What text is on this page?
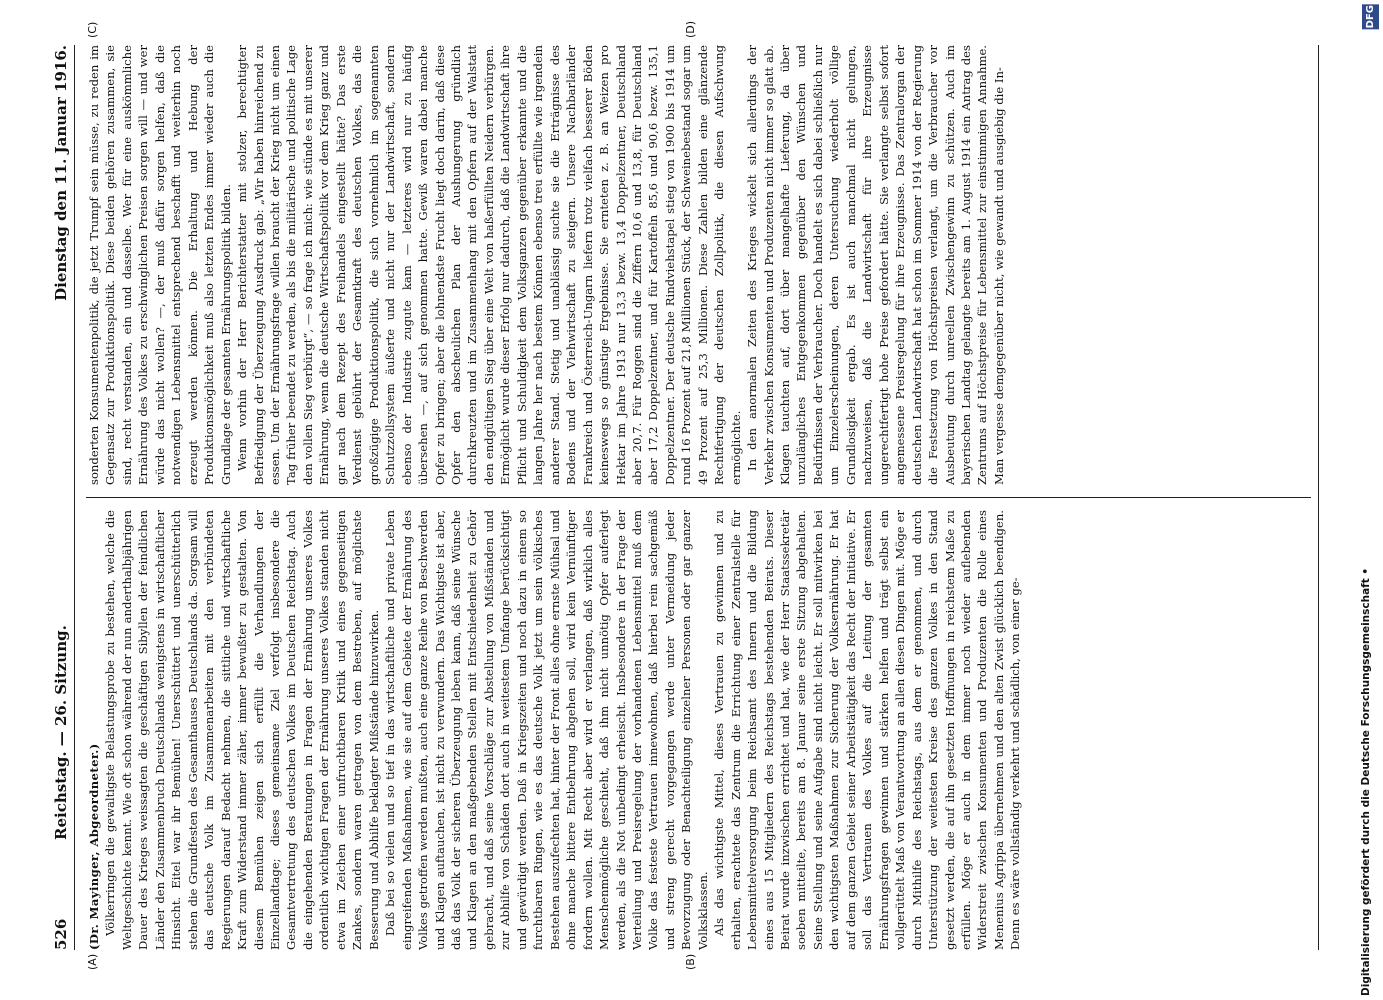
526
Reichstag. — 26. Sitzung.
Dienstag den 11. Januar 1916.
(A)	(B)
(C)	(D)

(Dr. Mayinger, Abgeordneter.) Völkerringen die gewaltigste Belastungsprobe zu bestehen, welche die Weltgeschichte kennt. Wie oft schon während der nun anderthalbjährigen Dauer des Krieges weissagten die geschäftigen Sibyllen der feindlichen Länder den Zusammenbruch Deutschlands wenigstens in wirtschaftlicher Hinsicht. Eitel war ihr Bemühen! Unerschüttert und unerschütterlich stehen die Grundfesten des Gesamthauses Deutschlands da. Sorgsam will das deutsche Volk im Zusammenarbeiten mit den verbündeten Regierungen darauf Bedacht nehmen, die sittliche und wirtschaftliche Kraft zum Widerstand immer zäher, immer bewußter zu gestalten. Von diesem Bemühen zeigen sich erfüllt die Verhandlungen der Einzellandtage; dieses gemeinsame Ziel verfolgt insbesondere die Gesamtvertretung des deutschen Volkes im Deutschen Reichstag. Auch die eingehenden Beratungen in Fragen der Ernährung unseres Volkes ordentlich wichtigen Fragen der Ernährung unseres Volkes standen nicht etwa im Zeichen einer unfruchtbaren Kritik und eines gegenseitigen Zankes, sondern waren getragen von dem Bestreben, auf möglichste Besserung und Abhilfe beklagter Mißstände hinzuwirken. Daß bei so vielen und so tief in das wirtschaftliche und private Leben eingreifenden Maßnahmen, wie sie auf dem Gebiete der Ernährung des Volkes getroffen werden mußten, auch eine ganze Reihe von Beschwerden und Klagen auftauchen, ist nicht zu verwundern. Das Wichtigste ist aber, daß das Volk der sicheren Überzeugung leben kann, daß seine Wünsche und Klagen an den maßgebenden Stellen mit Entschiedenheit zu Gehör gebracht, und daß seine Vorschläge zur Abstellung von Mißständen und zur Abhilfe von Schäden dort auch in weitestem Umfange berücksichtigt und gewürdigt werden. Daß in Kriegszeiten und noch dazu in einem so furchtbaren Ringen, wie es das deutsche Volk jetzt um sein völkisches Bestehen auszufechten hat, hinter der Front alles ohne ernste Mühsal und ohne manche bittere Entbehrung abgehen soll, wird kein Vernünftiger fordern wollen. Mit Recht aber wird er verlangen, daß wirklich alles Menschenmögliche geschieht, daß ihm nicht unnötig Opfer auferlegt werden, als die Not unbedingt erheischt. Insbesondere in der Frage der Verteilung und Preisregelung der vorhandenen Lebensmittel muß dem Volke das festeste Vertrauen innewohnen, daß hierbei rein sachgemäß und streng gerecht vorgegangen werde unter Vermeidung jeder Bevorzugung oder Benachteiligung einzelner Personen oder gar ganzer Volksklassen. Als das wichtigste Mittel, dieses Vertrauen zu gewinnen und zu erhalten, erachtete das Zentrum die Errichtung einer Zentralstelle für Lebensmittelversorgung beim Reichsamt des Innern und die Bildung eines aus 15 Mitgliedern des Reichstags bestehenden Beirats. Dieser Beirat wurde inzwischen errichtet und hat, wie der Herr Staatssekretär soeben mitteilte, bereits am 8. Januar seine erste Sitzung abgehalten. Seine Stellung und seine Aufgabe sind nicht leicht. Er soll mitwirken bei den wichtigsten Maßnahmen zur Sicherung der Volksernährung. Er hat auf dem ganzen Gebiet seiner Arbeitstätigkeit das Recht der Initiative. Er soll das Vertrauen des Volkes auf die Leitung der gesamten Ernährungsfragen gewinnen und stärken helfen und trägt selbst ein vollgerüttelt Maß von Verantwortung an allen diesen Dingen mit. Möge er durch Mithilfe des Reichstags, aus dem er genommen, und durch Unterstützung der weitesten Kreise des ganzen Volkes in den Stand gesetzt werden, die auf ihn gesetzten Hoffnungen in reichstem Maße zu erfüllen. Möge er auch in dem immer noch wieder auflebenden Widerstreit zwischen Konsumenten und Produzenten die Rolle eines Menenius Agrippa übernehmen und den alten Zwist glücklich beendigen. Denn es wäre vollständig verkehrt und schädlich, von einer ge-

sonderten Konsumentenpolitik, die jetzt Trumpf sein müsse, zu reden im Gegensatz zur Produktionspolitik. Diese beiden gehören zusammen, sie sind, recht verstanden, ein und dasselbe. Wer für eine auskömmliche Ernährung des Volkes zu erschwinglichen Preisen sorgen will — und wer würde das nicht wollen? —, der muß dafür sorgen helfen, daß die notwendigen Lebensmittel entsprechend beschafft und weiterhin noch erzeugt werden können. Die Erhaltung und Hebung der Produktionsmöglichkeit muß also letzten Endes immer wieder auch die Grundlage der gesamten Ernährungspolitik bilden. Wenn vorhin der Herr Berichterstatter mit stolzer, berechtigter Befriedigung der Überzeugung Ausdruck gab: „Wir haben hinreichend zu essen. Um der Ernährungsfrage willen braucht der Krieg nicht um einen Tag früher beendet zu werden, als bis die militärische und politische Lage den vollen Sieg verbürgt“, — so frage ich mich: wie stünde es mit unserer Ernährung, wenn die deutsche Wirtschaftspolitik vor dem Krieg ganz und gar nach dem Rezept des Freihandels eingestellt hätte? Das erste Verdienst gebührt der Gesamtkraft des deutschen Volkes, das die großzügige Produktionspolitik, die sich vornehmlich im sogenannten Schutzzollsystem äußerte und nicht nur der Landwirtschaft, sondern ebenso der Industrie zugute kam — letzteres wird nur zu häufig übersehen —, auf sich genommen hatte. Gewiß waren dabei manche Opfer zu bringen; aber die lohnendste Frucht liegt doch darin, daß diese Opfer den abscheulichen Plan der Aushungerung gründlich durchkreuzten und im Zusammenhang mit den Opfern auf der Walstatt den endgültigen Sieg über eine Welt von haßerfüllten Neidern verbürgen. Ermöglicht wurde dieser Erfolg nur dadurch, daß die Landwirtschaft ihre Pflicht und Schuldigkeit dem Volksganzen gegenüber erkannte und die langen Jahre her nach bestem Können ebenso treu erfüllte wie irgendein anderer Stand. Stetig und unablässig suchte sie die Erträgnisse des Bodens und der Viehwirtschaft zu steigern. Unsere Nachbarländer Frankreich und Österreich-Ungarn liefern trotz vielfach besserer Böden keineswegs so günstige Ergebnisse. Sie ernteten z. B. an Weizen pro Hektar im Jahre 1913 nur 13,3 bezw. 13,4 Doppelzentner, Deutschland aber 20,7. Für Roggen sind die Ziffern 10,6 und 13,8, für Deutschland aber 17,2 Doppelzentner, und für Kartoffeln 85,6 und 90,6 bezw. 135,1 Doppelzentner. Der deutsche Rindviehstapel stieg von 1900 bis 1914 um rund 16 Prozent auf 21,8 Millionen Stück, der Schweinebestand sogar um 49 Prozent auf 25,3 Millionen. Diese Zahlen bilden eine glänzende Rechtfertigung der deutschen Zollpolitik, die diesen Aufschwung ermöglichte. In den anormalen Zeiten des Krieges wickelt sich allerdings der Verkehr zwischen Konsumenten und Produzenten nicht immer so glatt ab. Klagen tauchten auf, dort über mangelhafte Lieferung, da über unzulängliches Entgegenkommen gegenüber den Wünschen und Bedürfnissen der Verbraucher. Doch handelt es sich dabei schließlich nur um Einzelerscheinungen, deren Untersuchung wiederholt völlige Grundlosigkeit ergab. Es ist auch manchmal nicht gelungen, nachzuweisen, daß die Landwirtschaft für ihre Erzeugnisse ungerechtfertigt hohe Preise gefordert hätte. Sie verlangte selbst sofort angemessene Preisregelung für ihre Erzeugnisse. Das Zentralorgan der deutschen Landwirtschaft hat schon im Sommer 1914 von der Regierung die Festsetzung von Höchstpreisen verlangt, um die Verbraucher vor Ausbeutung durch unreellen Zwischengewinn zu schützen. Auch im bayerischen Landtag gelangte bereits am 1. August 1914 ein Antrag des Zentrums auf Höchstpreise für Lebensmittel zur einstimmigen Annahme. Man vergesse demgegenüber nicht, wie gewandt und ausgiebig die In-

Digitalisierung gefördert durch die Deutsche Forschungsgemeinschaft •
DFG
